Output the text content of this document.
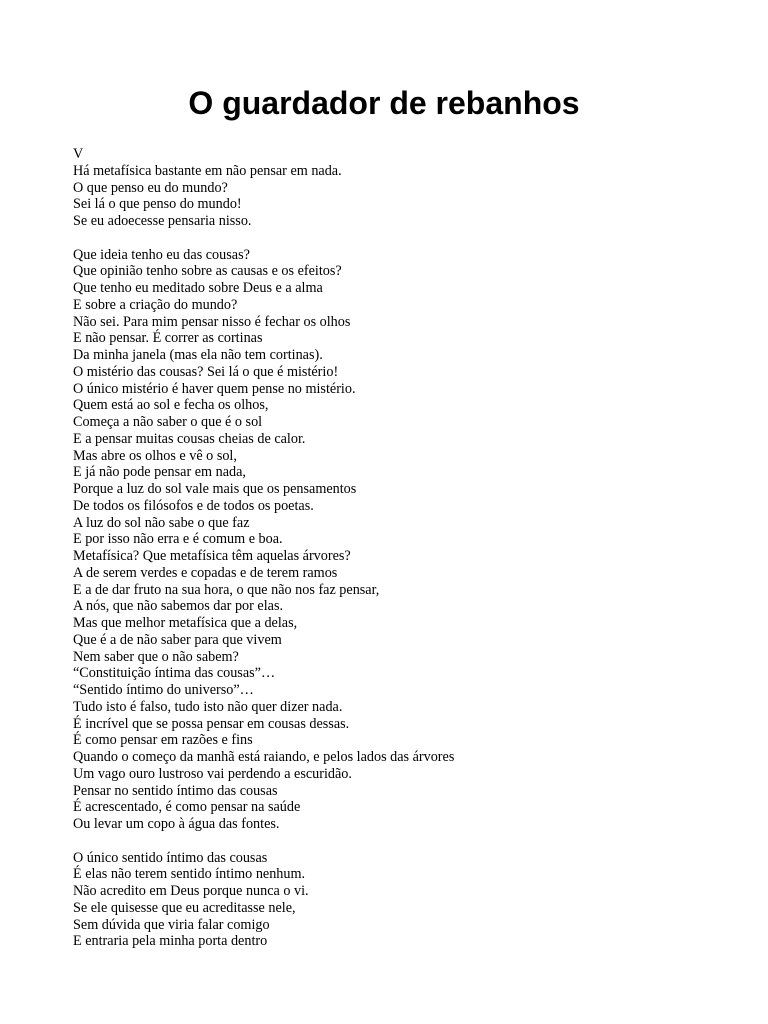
O guardador de rebanhos
V
Há metafísica bastante em não pensar em nada.
O que penso eu do mundo?
Sei lá o que penso do mundo!
Se eu adoecesse pensaria nisso.
Que ideia tenho eu das cousas?
Que opinião tenho sobre as causas e os efeitos?
Que tenho eu meditado sobre Deus e a alma
E sobre a criação do mundo?
Não sei. Para mim pensar nisso é fechar os olhos
E não pensar. É correr as cortinas
Da minha janela (mas ela não tem cortinas).
O mistério das cousas? Sei lá o que é mistério!
O único mistério é haver quem pense no mistério.
Quem está ao sol e fecha os olhos,
Começa a não saber o que é o sol
E a pensar muitas cousas cheias de calor.
Mas abre os olhos e vê o sol,
E já não pode pensar em nada,
Porque a luz do sol vale mais que os pensamentos
De todos os filósofos e de todos os poetas.
A luz do sol não sabe o que faz
E por isso não erra e é comum e boa.
Metafísica? Que metafísica têm aquelas árvores?
A de serem verdes e copadas e de terem ramos
E a de dar fruto na sua hora, o que não nos faz pensar,
A nós, que não sabemos dar por elas.
Mas que melhor metafísica que a delas,
Que é a de não saber para que vivem
Nem saber que o não sabem?
“Constituição íntima das cousas”…
“Sentido íntimo do universo”…
Tudo isto é falso, tudo isto não quer dizer nada.
É incrível que se possa pensar em cousas dessas.
É como pensar em razões e fins
Quando o começo da manhã está raiando, e pelos lados das árvores
Um vago ouro lustroso vai perdendo a escuridão.
Pensar no sentido íntimo das cousas
É acrescentado, é como pensar na saúde
Ou levar um copo à água das fontes.
O único sentido íntimo das cousas
É elas não terem sentido íntimo nenhum.
Não acredito em Deus porque nunca o vi.
Se ele quisesse que eu acreditasse nele,
Sem dúvida que viria falar comigo
E entraria pela minha porta dentro
